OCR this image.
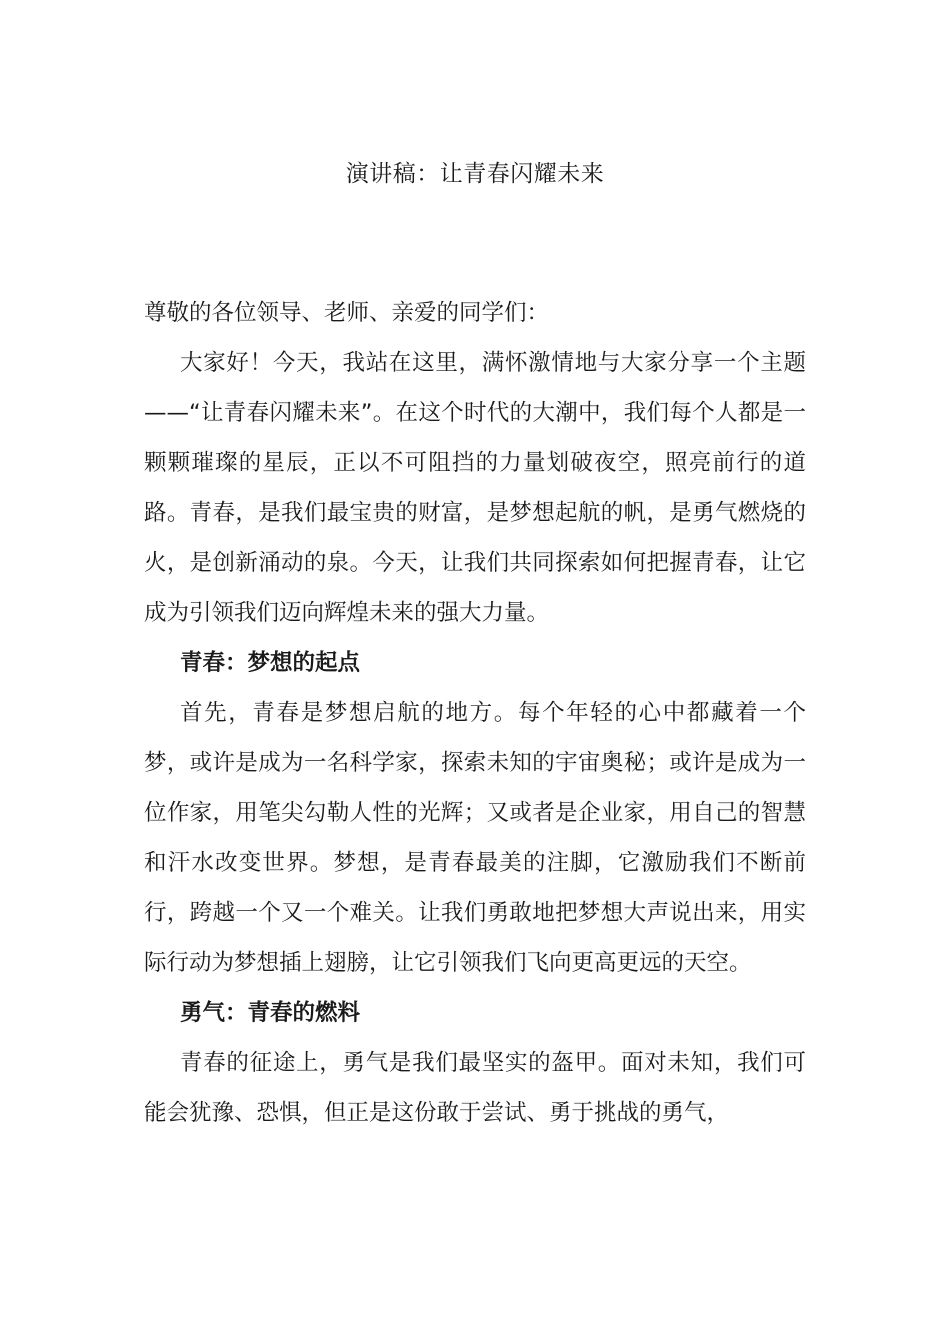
演讲稿：让青春闪耀未来

尊敬的各位领导、老师、亲爱的同学们：

大家好！今天，我站在这里，满怀激情地与大家分享一个主题——“让青春闪耀未来”。在这个时代的大潮中，我们每个人都是一颗颗璀璨的星辰，正以不可阻挡的力量划破夜空，照亮前行的道路。青春，是我们最宝贵的财富，是梦想起航的帆，是勇气燃烧的火，是创新涌动的泉。今天，让我们共同探索如何把握青春，让它成为引领我们迈向辉煌未来的强大力量。

青春：梦想的起点

首先，青春是梦想启航的地方。每个年轻的心中都藏着一个梦，或许是成为一名科学家，探索未知的宇宙奥秘；或许是成为一位作家，用笔尖勾勒人性的光辉；又或者是企业家，用自己的智慧和汗水改变世界。梦想，是青春最美的注脚，它激励我们不断前行，跨越一个又一个难关。让我们勇敢地把梦想大声说出来，用实际行动为梦想插上翅膀，让它引领我们飞向更高更远的天空。

勇气：青春的燃料

青春的征途上，勇气是我们最坚实的盔甲。面对未知，我们可能会犹豫、恐惧，但正是这份敢于尝试、勇于挑战的勇气，
